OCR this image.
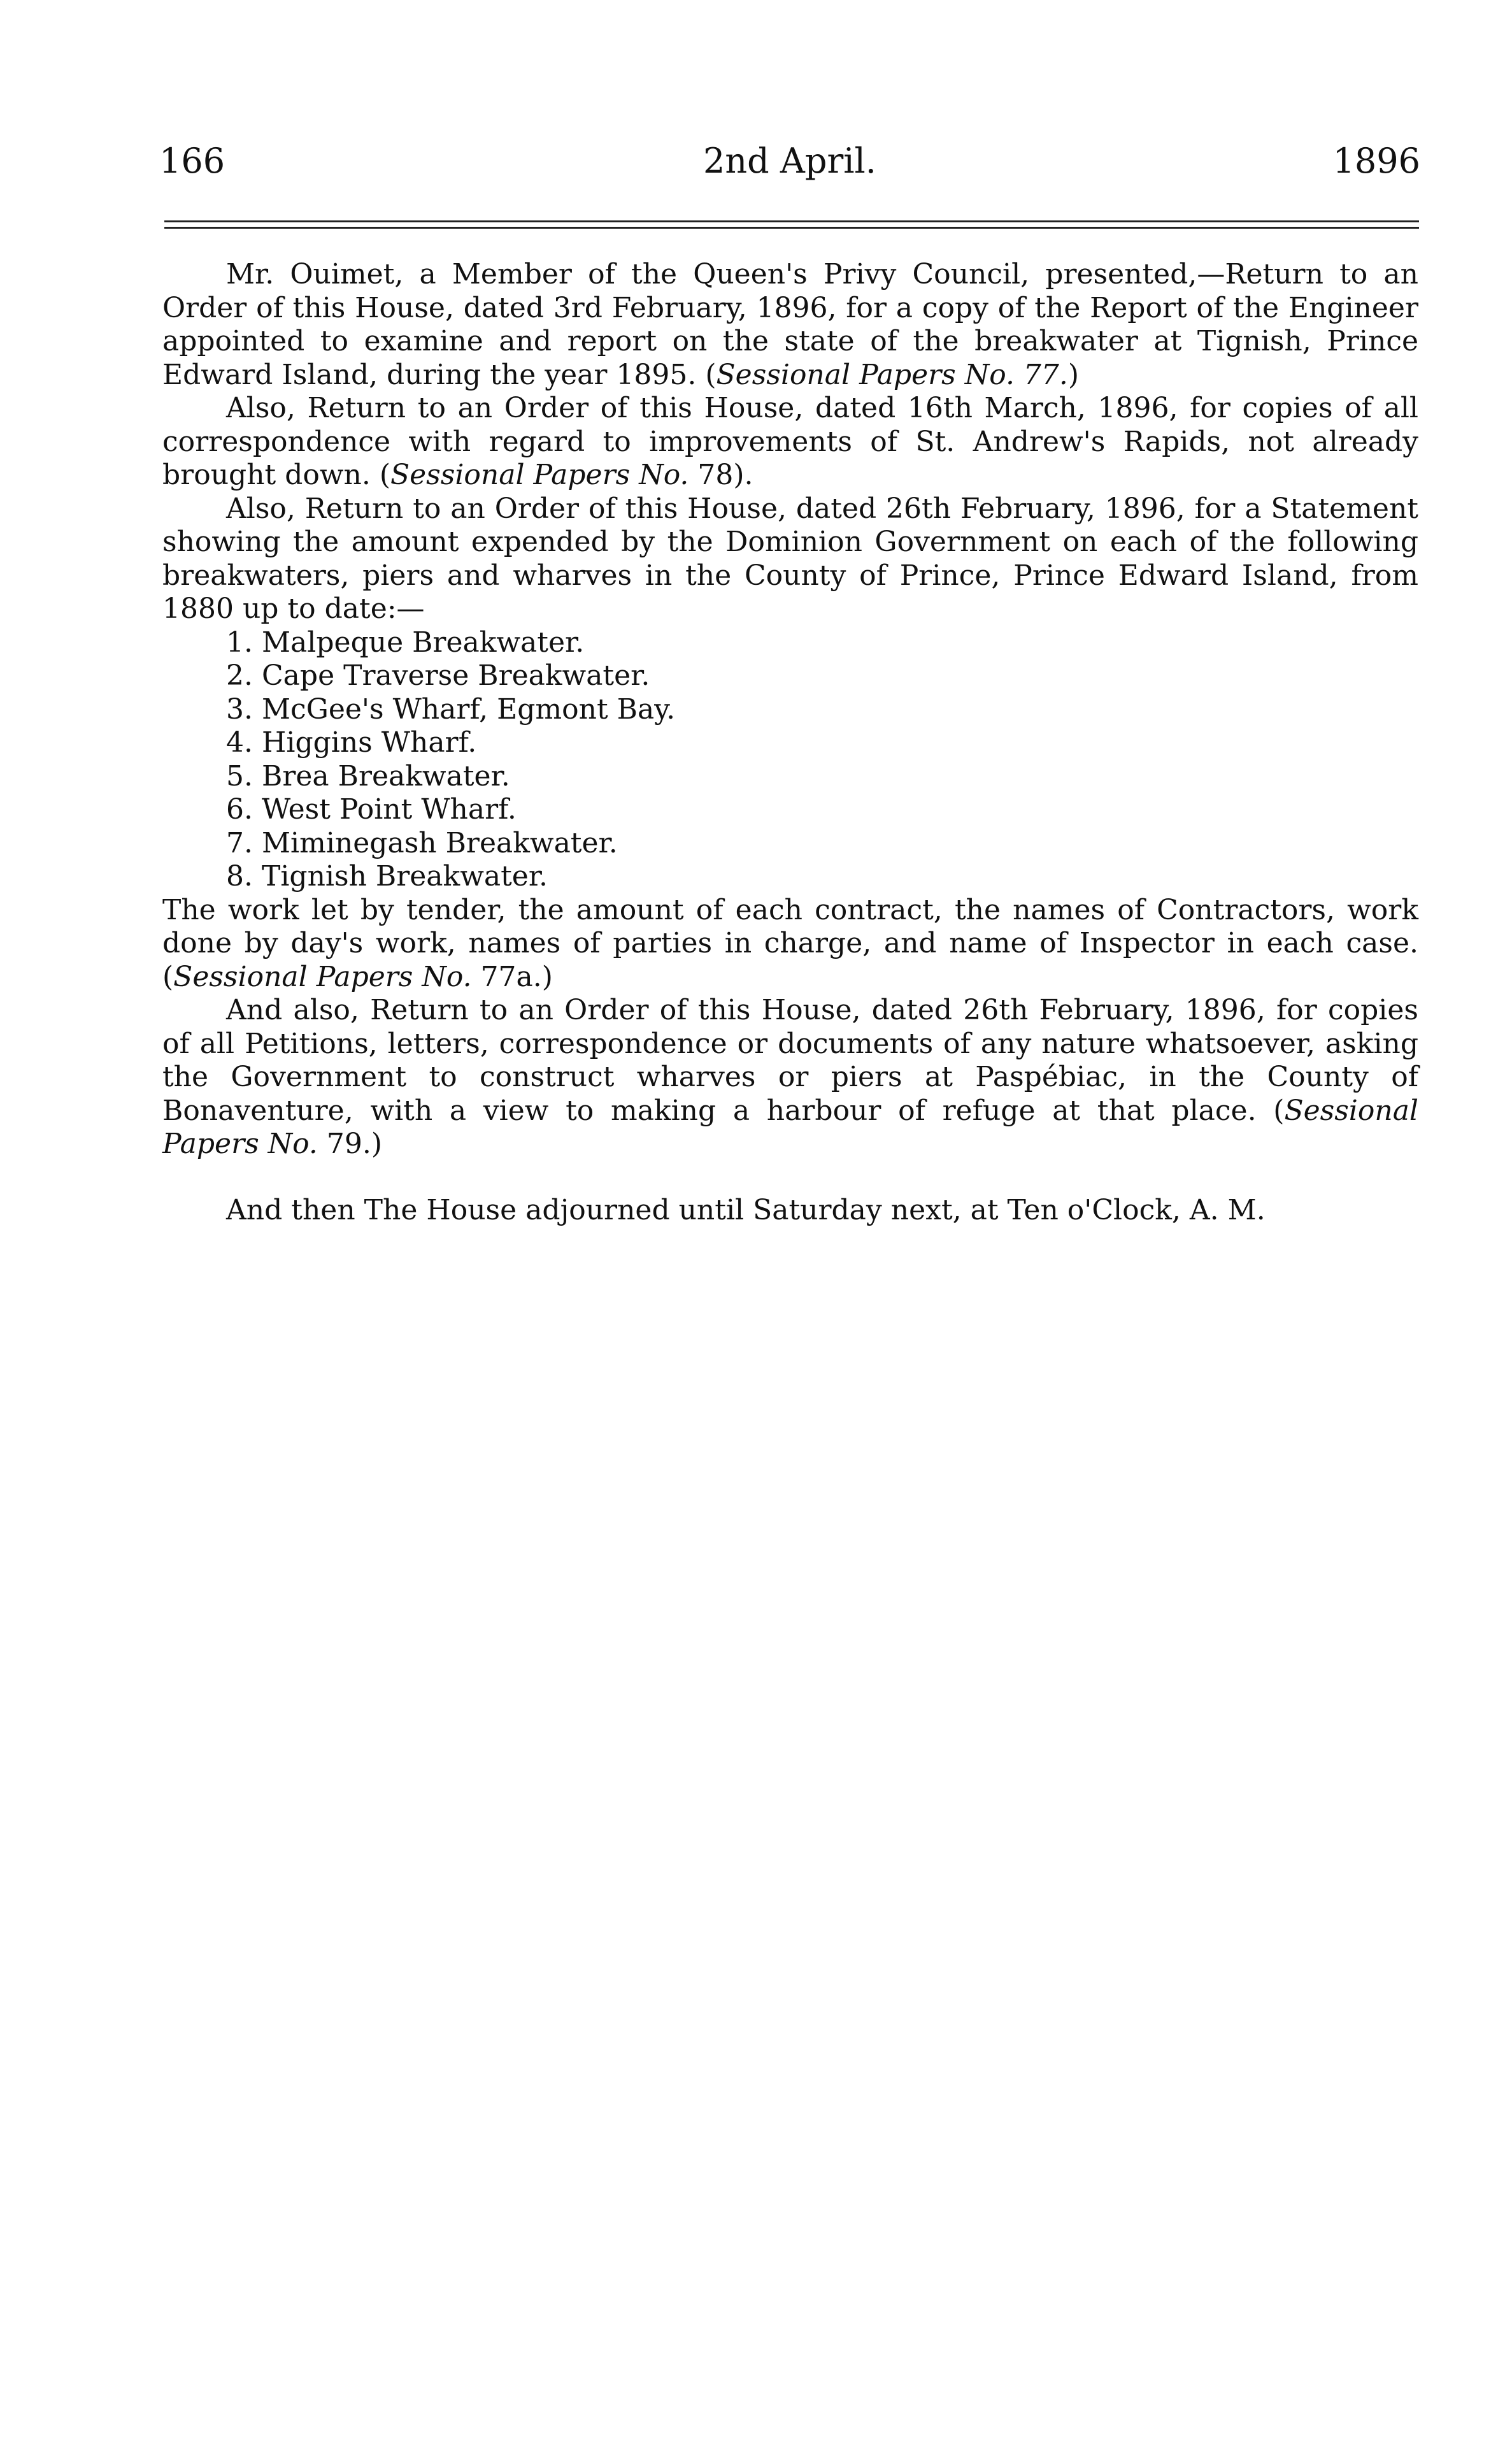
166	2nd April.	1896

Mr. Ouimet, a Member of the Queen's Privy Council, presented,—Return to an Order of this House, dated 3rd February, 1896, for a copy of the Report of the Engineer appointed to examine and report on the state of the breakwater at Tignish, Prince Edward Island, during the year 1895. (Sessional Papers No. 77.)

Also, Return to an Order of this House, dated 16th March, 1896, for copies of all correspondence with regard to improvements of St. Andrew's Rapids, not already brought down. (Sessional Papers No. 78).

Also, Return to an Order of this House, dated 26th February, 1896, for a Statement showing the amount expended by the Dominion Government on each of the following breakwaters, piers and wharves in the County of Prince, Prince Edward Island, from 1880 up to date:—

1. Malpeque Breakwater.
2. Cape Traverse Breakwater.
3. McGee's Wharf, Egmont Bay.
4. Higgins Wharf.
5. Brea Breakwater.
6. West Point Wharf.
7. Miminegash Breakwater.
8. Tignish Breakwater.

The work let by tender, the amount of each contract, the names of Contractors, work done by day's work, names of parties in charge, and name of Inspector in each case. (Sessional Papers No. 77a.)

And also, Return to an Order of this House, dated 26th February, 1896, for copies of all Petitions, letters, correspondence or documents of any nature whatsoever, asking the Government to construct wharves or piers at Paspébiac, in the County of Bonaventure, with a view to making a harbour of refuge at that place. (Sessional Papers No. 79.)

And then The House adjourned until Saturday next, at Ten o'Clock, A. M.
